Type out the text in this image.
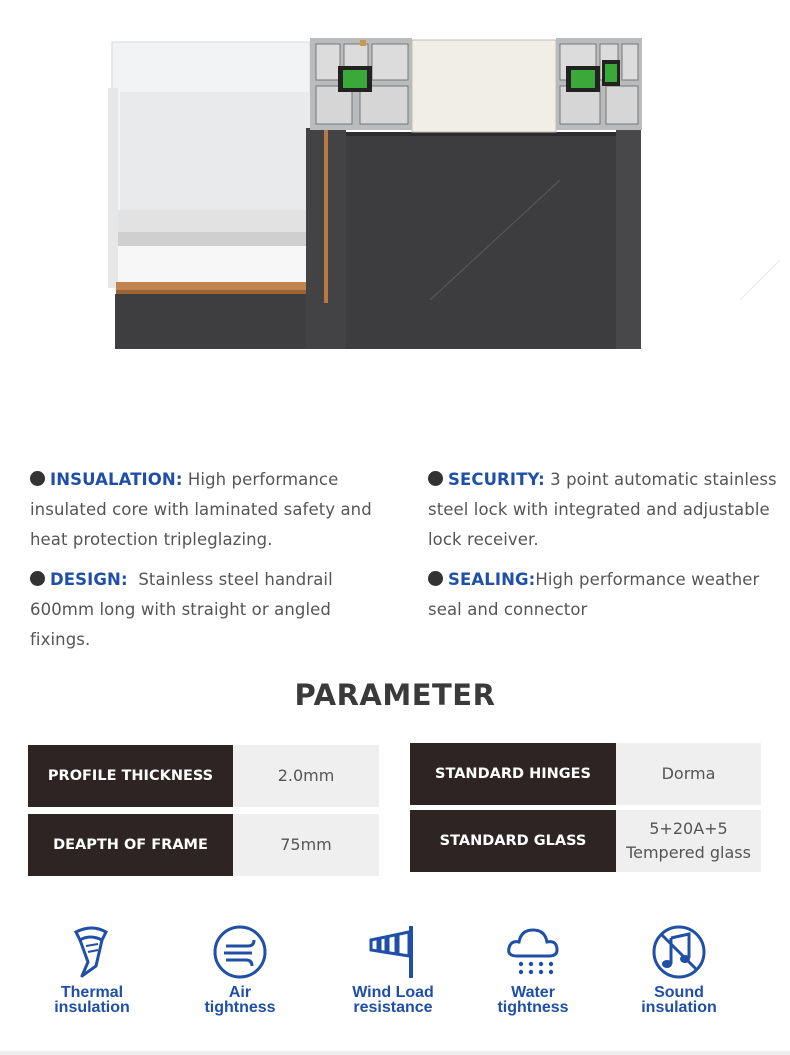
INSUALATION: High performance insulated core with laminated safety and heat protection tripleglazing.
SECURITY: 3 point automatic stainless steel lock with integrated and adjustable lock receiver.
DESIGN:  Stainless steel handrail 600mm long with straight or angled fixings.
SEALING:High performance weather seal and connector
PARAMETER
PROFILE THICKNESS	2.0mm	STANDARD HINGES	Dorma
DEAPTH OF FRAME	75mm	STANDARD GLASS
5+20A+5
Tempered glass
Thermal
insulation
Air
tightness
Wind Load
resistance
Water
tightness
Sound
insulation
